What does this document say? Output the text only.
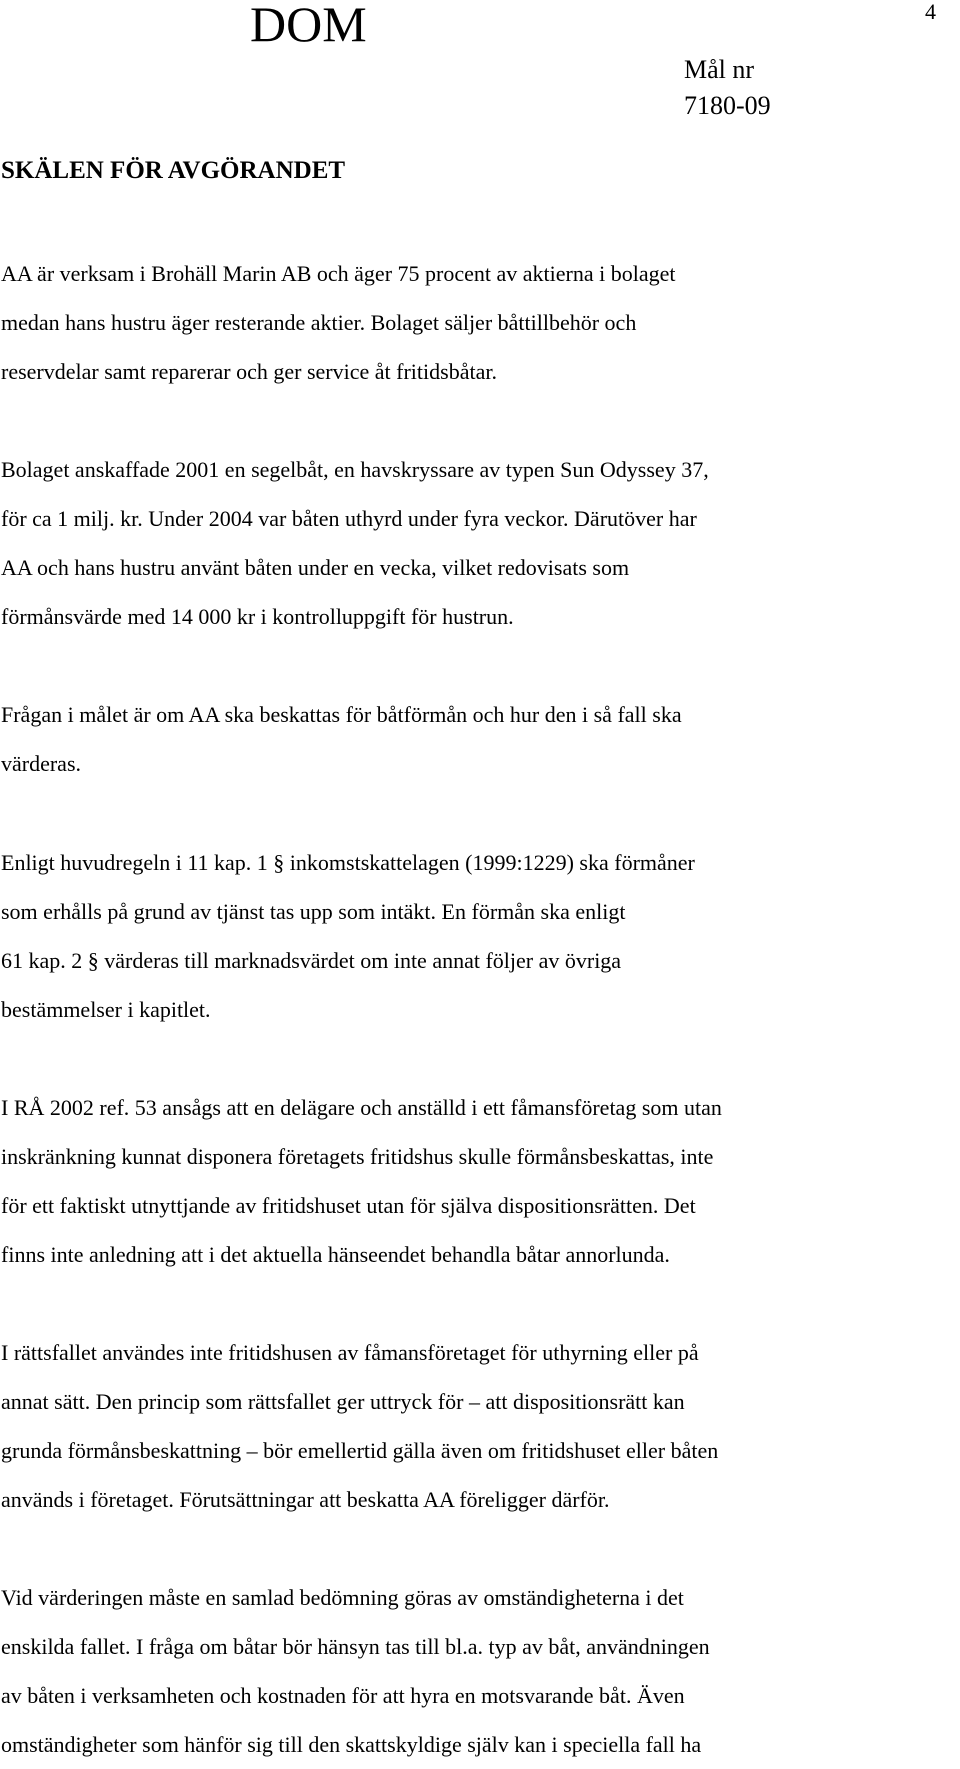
DOM	4
Mål nr
7180-09
SKÄLEN FÖR AVGÖRANDET
AA är verksam i Brohäll Marin AB och äger 75 procent av aktierna i bolaget
medan hans hustru äger resterande aktier. Bolaget säljer båttillbehör och
reservdelar samt reparerar och ger service åt fritidsbåtar.
Bolaget anskaffade 2001 en segelbåt, en havskryssare av typen Sun Odyssey 37,
för ca 1 milj. kr. Under 2004 var båten uthyrd under fyra veckor. Därutöver har
AA och hans hustru använt båten under en vecka, vilket redovisats som
förmånsvärde med 14 000 kr i kontrolluppgift för hustrun.
Frågan i målet är om AA ska beskattas för båtförmån och hur den i så fall ska
värderas.
Enligt huvudregeln i 11 kap. 1 § inkomstskattelagen (1999:1229) ska förmåner
som erhålls på grund av tjänst tas upp som intäkt. En förmån ska enligt
61 kap. 2 § värderas till marknadsvärdet om inte annat följer av övriga
bestämmelser i kapitlet.
I RÅ 2002 ref. 53 ansågs att en delägare och anställd i ett fåmansföretag som utan
inskränkning kunnat disponera företagets fritidshus skulle förmånsbeskattas, inte
för ett faktiskt utnyttjande av fritidshuset utan för själva dispositionsrätten. Det
finns inte anledning att i det aktuella hänseendet behandla båtar annorlunda.
I rättsfallet användes inte fritidshusen av fåmansföretaget för uthyrning eller på
annat sätt. Den princip som rättsfallet ger uttryck för – att dispositionsrätt kan
grunda förmånsbeskattning – bör emellertid gälla även om fritidshuset eller båten
används i företaget. Förutsättningar att beskatta AA föreligger därför.
Vid värderingen måste en samlad bedömning göras av omständigheterna i det
enskilda fallet. I fråga om båtar bör hänsyn tas till bl.a. typ av båt, användningen
av båten i verksamheten och kostnaden för att hyra en motsvarande båt. Även
omständigheter som hänför sig till den skattskyldige själv kan i speciella fall ha
